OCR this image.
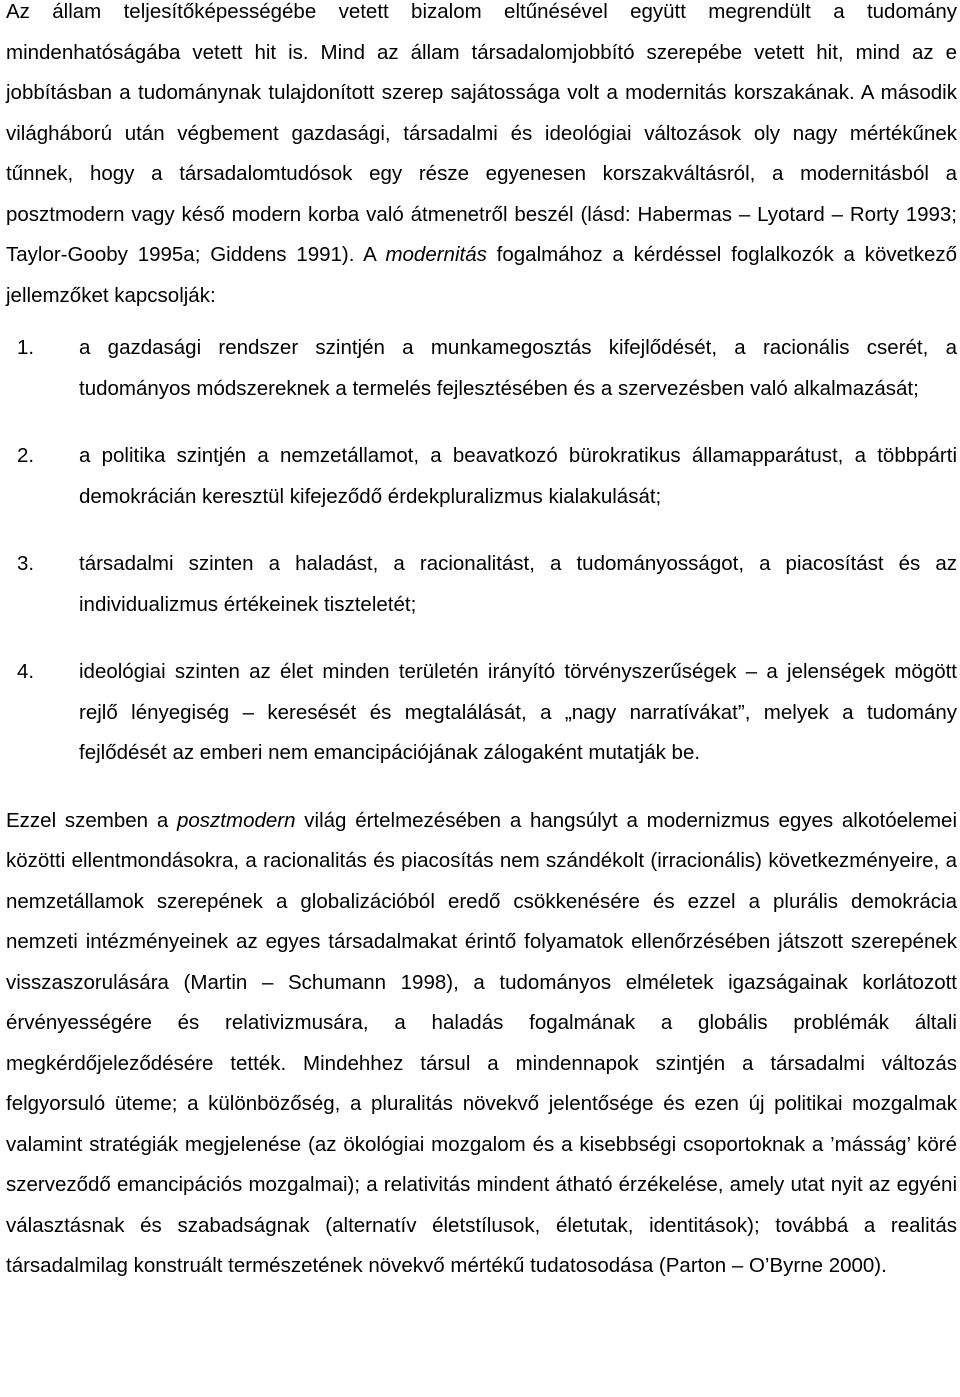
Az állam teljesítőképességébe vetett bizalom eltűnésével együtt megrendült a tudomány mindenhatóságába vetett hit is. Mind az állam társadalomjobbító szerepébe vetett hit, mind az e jobbításban a tudománynak tulajdonított szerep sajátossága volt a modernitás korszakának. A második világháború után végbement gazdasági, társadalmi és ideológiai változások oly nagy mértékűnek tűnnek, hogy a társadalomtudósok egy része egyenesen korszakváltásról, a modernitásból a posztmodern vagy késő modern korba való átmenetről beszél (lásd: Habermas – Lyotard – Rorty 1993; Taylor-Gooby 1995a; Giddens 1991). A modernitás fogalmához a kérdéssel foglalkozók a következő jellemzőket kapcsolják:

1. a gazdasági rendszer szintjén a munkamegosztás kifejlődését, a racionális cserét, a tudományos módszereknek a termelés fejlesztésében és a szervezésben való alkalmazását;
2. a politika szintjén a nemzetállamot, a beavatkozó bürokratikus államapparátust, a többpárti demokrácián keresztül kifejeződő érdekpluralizmus kialakulását;
3. társadalmi szinten a haladást, a racionalitást, a tudományosságot, a piacosítást és az individualizmus értékeinek tiszteletét;
4. ideológiai szinten az élet minden területén irányító törvényszerűségek – a jelenségek mögött rejlő lényegiség – keresését és megtalálását, a „nagy narratívákat”, melyek a tudomány fejlődését az emberi nem emancipációjának zálogaként mutatják be.

Ezzel szemben a posztmodern világ értelmezésében a hangsúlyt a modernizmus egyes alkotóelemei közötti ellentmondásokra, a racionalitás és piacosítás nem szándékolt (irracionális) következményeire, a nemzetállamok szerepének a globalizációból eredő csökkenésére és ezzel a plurális demokrácia nemzeti intézményeinek az egyes társadalmakat érintő folyamatok ellenőrzésében játszott szerepének visszaszorulására (Martin – Schumann 1998), a tudományos elméletek igazságainak korlátozott érvényességére és relativizmusára, a haladás fogalmának a globális problémák általi megkérdőjeleződésére tették. Mindehhez társul a mindennapok szintjén a társadalmi változás felgyorsuló üteme; a különbözőség, a pluralitás növekvő jelentősége és ezen új politikai mozgalmak valamint stratégiák megjelenése (az ökológiai mozgalom és a kisebbségi csoportoknak a ’másság’ köré szerveződő emancipációs mozgalmai); a relativitás mindent átható érzékelése, amely utat nyit az egyéni választásnak és szabadságnak (alternatív életstílusok, életutak, identitások); továbbá a realitás társadalmilag konstruált természetének növekvő mértékű tudatosodása (Parton – O’Byrne 2000).
